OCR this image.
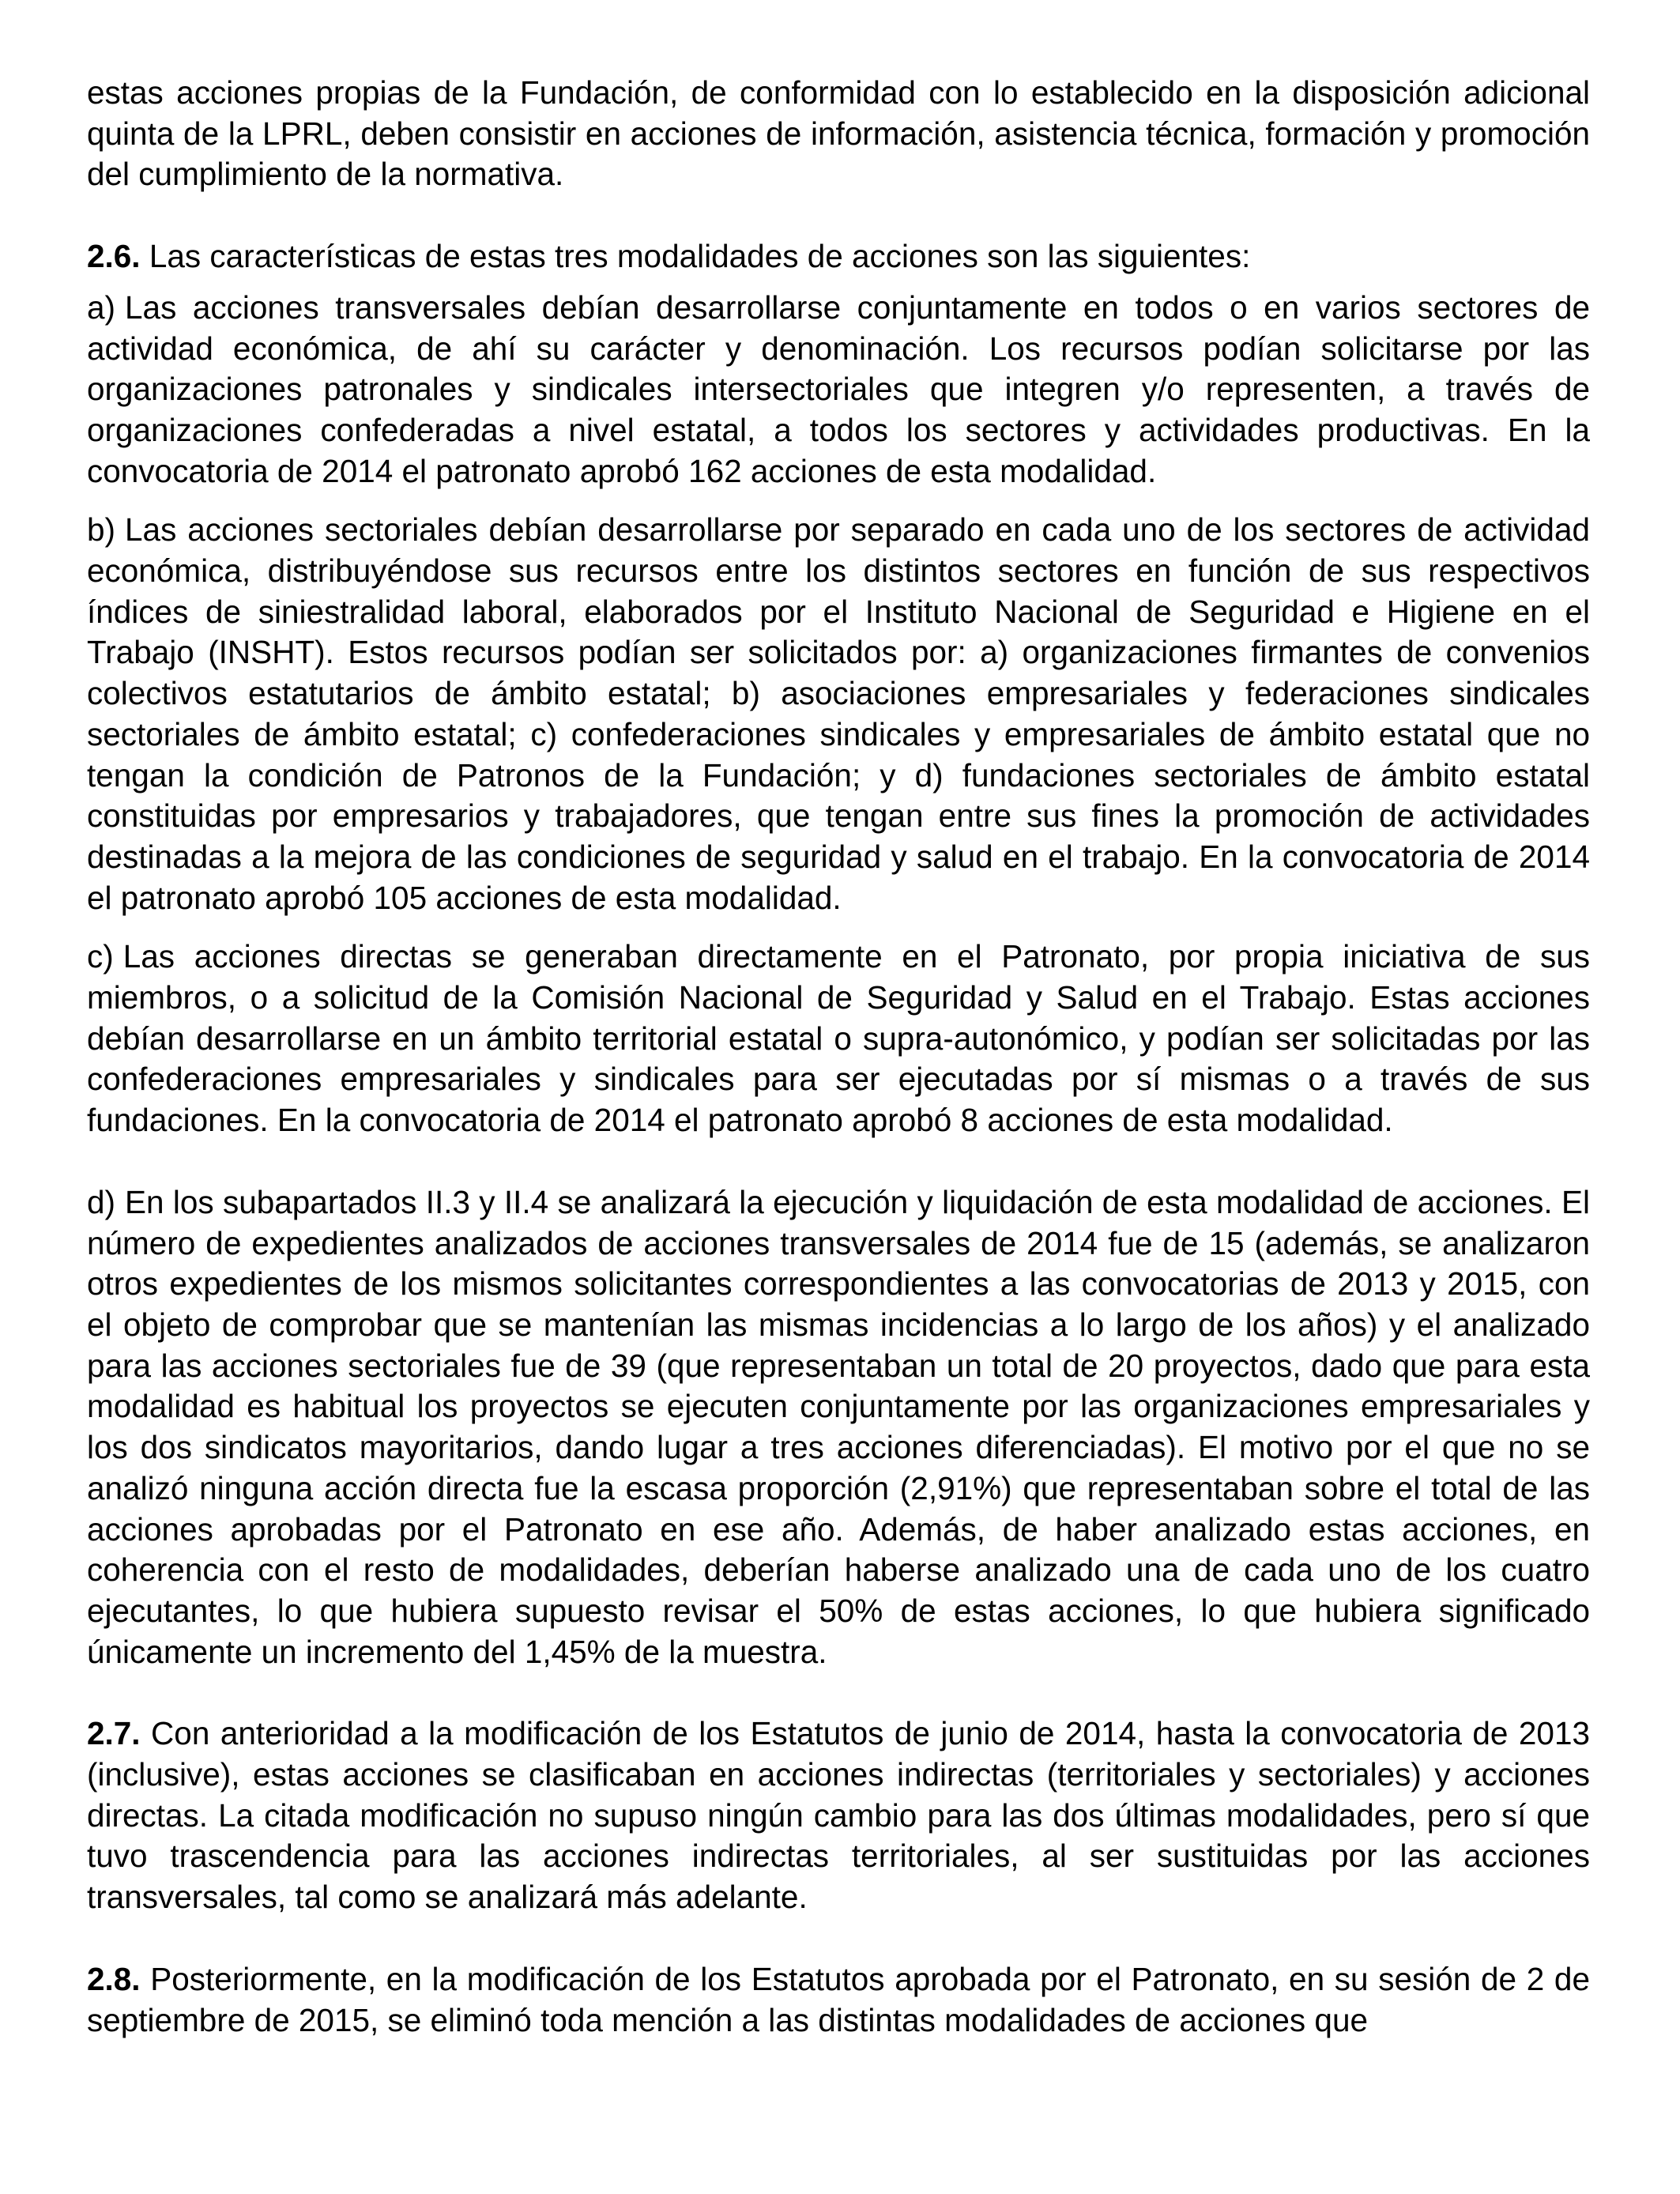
estas acciones propias de la Fundación, de conformidad con lo establecido en la disposición adicional quinta de la LPRL, deben consistir en acciones de información, asistencia técnica, formación y promoción del cumplimiento de la normativa.

2.6. Las características de estas tres modalidades de acciones son las siguientes:

a) Las acciones transversales debían desarrollarse conjuntamente en todos o en varios sectores de actividad económica, de ahí su carácter y denominación. Los recursos podían solicitarse por las organizaciones patronales y sindicales intersectoriales que integren y/o representen, a través de organizaciones confederadas a nivel estatal, a todos los sectores y actividades productivas. En la convocatoria de 2014 el patronato aprobó 162 acciones de esta modalidad.

b) Las acciones sectoriales debían desarrollarse por separado en cada uno de los sectores de actividad económica, distribuyéndose sus recursos entre los distintos sectores en función de sus respectivos índices de siniestralidad laboral, elaborados por el Instituto Nacional de Seguridad e Higiene en el Trabajo (INSHT). Estos recursos podían ser solicitados por: a) organizaciones firmantes de convenios colectivos estatutarios de ámbito estatal; b) asociaciones empresariales y federaciones sindicales sectoriales de ámbito estatal; c) confederaciones sindicales y empresariales de ámbito estatal que no tengan la condición de Patronos de la Fundación; y d) fundaciones sectoriales de ámbito estatal constituidas por empresarios y trabajadores, que tengan entre sus fines la promoción de actividades destinadas a la mejora de las condiciones de seguridad y salud en el trabajo. En la convocatoria de 2014 el patronato aprobó 105 acciones de esta modalidad.

c) Las acciones directas se generaban directamente en el Patronato, por propia iniciativa de sus miembros, o a solicitud de la Comisión Nacional de Seguridad y Salud en el Trabajo. Estas acciones debían desarrollarse en un ámbito territorial estatal o supra-autonómico, y podían ser solicitadas por las confederaciones empresariales y sindicales para ser ejecutadas por sí mismas o a través de sus fundaciones. En la convocatoria de 2014 el patronato aprobó 8 acciones de esta modalidad.

d) En los subapartados II.3 y II.4 se analizará la ejecución y liquidación de esta modalidad de acciones. El número de expedientes analizados de acciones transversales de 2014 fue de 15 (además, se analizaron otros expedientes de los mismos solicitantes correspondientes a las convocatorias de 2013 y 2015, con el objeto de comprobar que se mantenían las mismas incidencias a lo largo de los años) y el analizado para las acciones sectoriales fue de 39 (que representaban un total de 20 proyectos, dado que para esta modalidad es habitual los proyectos se ejecuten conjuntamente por las organizaciones empresariales y los dos sindicatos mayoritarios, dando lugar a tres acciones diferenciadas). El motivo por el que no se analizó ninguna acción directa fue la escasa proporción (2,91%) que representaban sobre el total de las acciones aprobadas por el Patronato en ese año. Además, de haber analizado estas acciones, en coherencia con el resto de modalidades, deberían haberse analizado una de cada uno de los cuatro ejecutantes, lo que hubiera supuesto revisar el 50% de estas acciones, lo que hubiera significado únicamente un incremento del 1,45% de la muestra.

2.7. Con anterioridad a la modificación de los Estatutos de junio de 2014, hasta la convocatoria de 2013 (inclusive), estas acciones se clasificaban en acciones indirectas (territoriales y sectoriales) y acciones directas. La citada modificación no supuso ningún cambio para las dos últimas modalidades, pero sí que tuvo trascendencia para las acciones indirectas territoriales, al ser sustituidas por las acciones transversales, tal como se analizará más adelante.

2.8. Posteriormente, en la modificación de los Estatutos aprobada por el Patronato, en su sesión de 2 de septiembre de 2015, se eliminó toda mención a las distintas modalidades de acciones que
